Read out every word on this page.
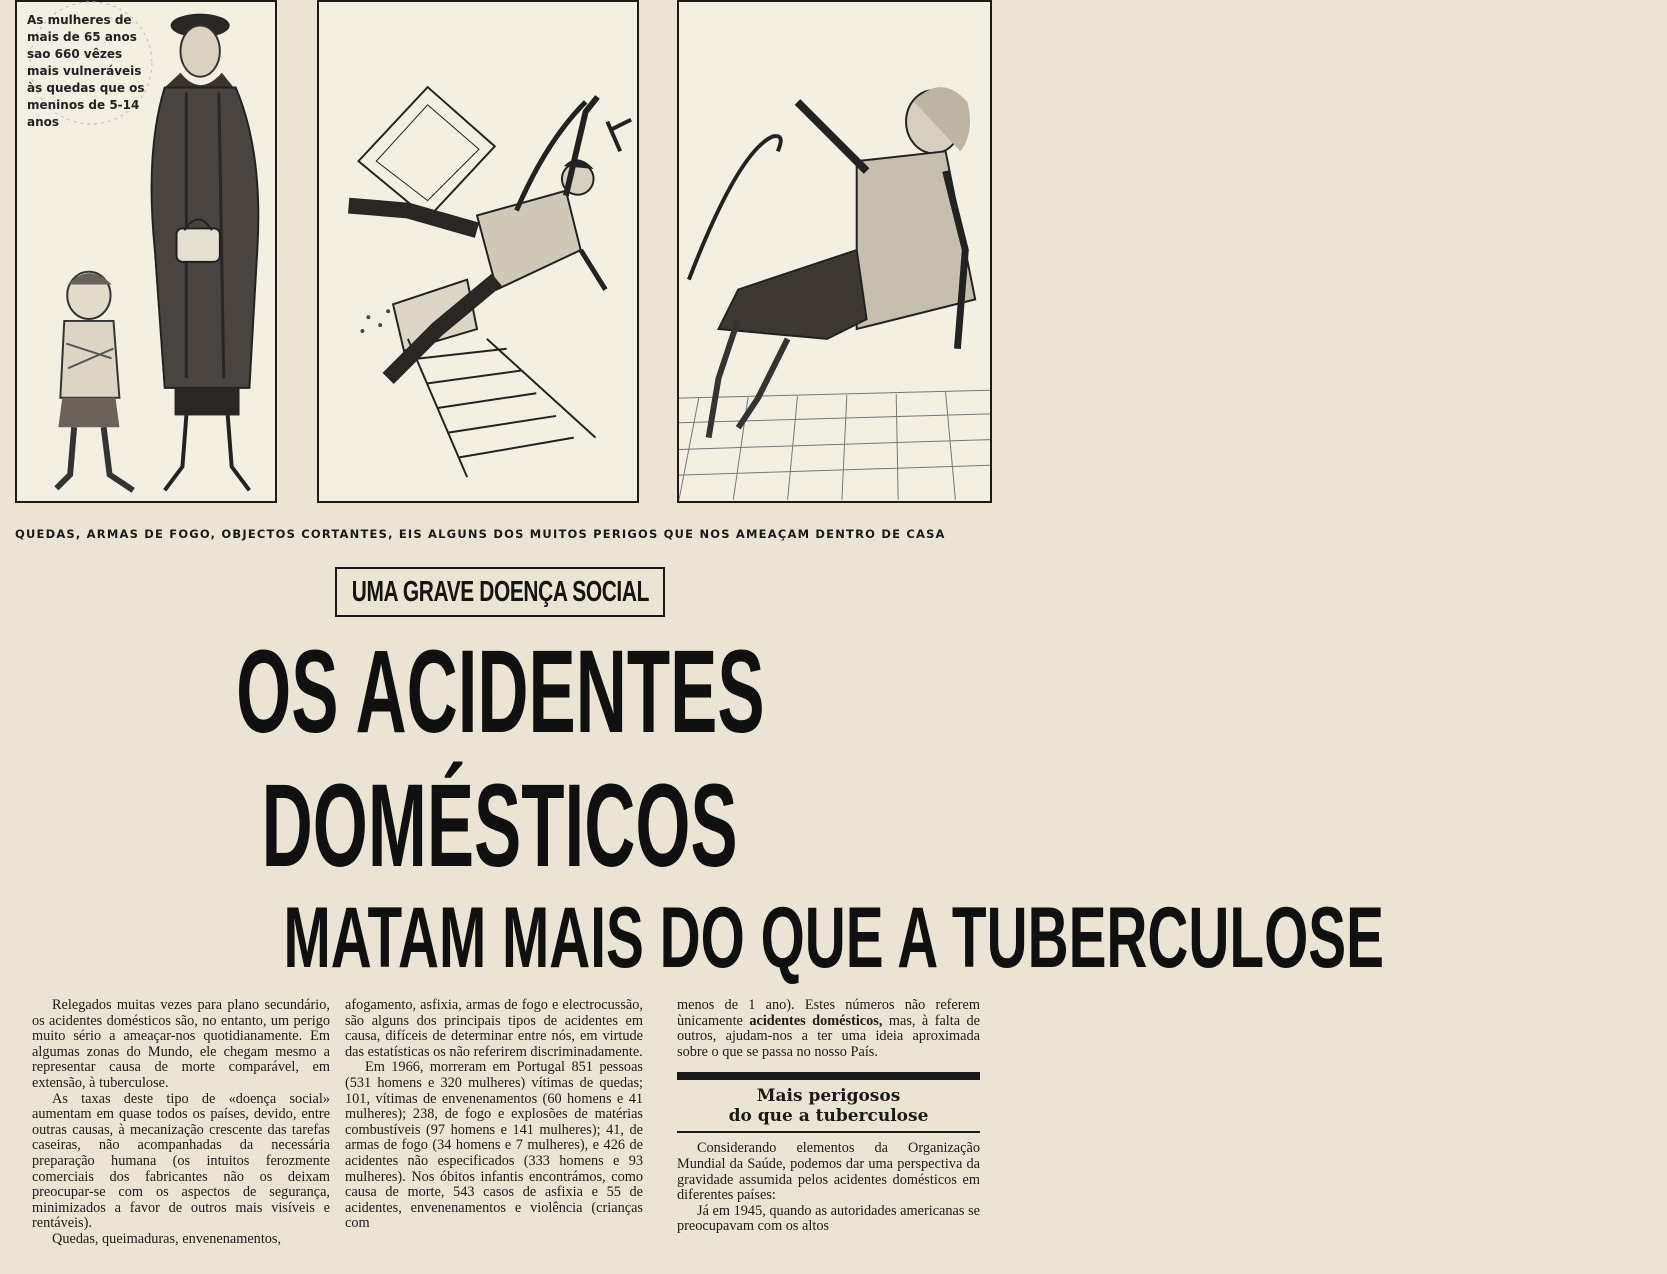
As mulheres de mais de 65 anos sao 660 vêzes mais vulneráveis às quedas que os meninos de 5-14 anos
QUEDAS, ARMAS DE FOGO, OBJECTOS CORTANTES, EIS ALGUNS DOS MUITOS PERIGOS QUE NOS AMEAÇAM DENTRO DE CASA
UMA GRAVE DOENÇA SOCIAL
OS ACIDENTES
DOMÉSTICOS
MATAM MAIS DO QUE A TUBERCULOSE

Relegados muitas vezes para plano secundário, os acidentes domésticos são, no entanto, um perigo muito sério a ameaçar-nos quotidianamente. Em algumas zonas do Mundo, ele chegam mesmo a representar causa de morte comparável, em extensão, à tuberculose.

As taxas deste tipo de «doença social» aumentam em quase todos os países, devido, entre outras causas, à mecanização crescente das tarefas caseiras, não acompanhadas da necessária preparação humana (os intuitos ferozmente comerciais dos fabricantes não os deixam preocupar-se com os aspectos de segurança, minimizados a favor de outros mais visíveis e rentáveis).

Quedas, queimaduras, envenenamentos,

afogamento, asfixia, armas de fogo e electrocussão, são alguns dos principais tipos de acidentes em causa, difíceis de determinar entre nós, em virtude das estatísticas os não referirem discriminadamente.

Em 1966, morreram em Portugal 851 pessoas (531 homens e 320 mulheres) vítimas de quedas; 101, vítimas de envenenamentos (60 homens e 41 mulheres); 238, de fogo e explosões de matérias combustíveis (97 homens e 141 mulheres); 41, de armas de fogo (34 homens e 7 mulheres), e 426 de acidentes não especificados (333 homens e 93 mulheres). Nos óbitos infantis encontrámos, como causa de morte, 543 casos de asfixia e 55 de acidentes, envenenamentos e violência (crianças com

menos de 1 ano). Estes números não referem ùnicamente acidentes domésticos, mas, à falta de outros, ajudam-nos a ter uma ideia aproximada sobre o que se passa no nosso País.

Mais perigosos
do que a tuberculose

Considerando elementos da Organização Mundial da Saúde, podemos dar uma perspectiva da gravidade assumida pelos acidentes domésticos em diferentes países:

Já em 1945, quando as autoridades americanas se preocupavam com os altos
